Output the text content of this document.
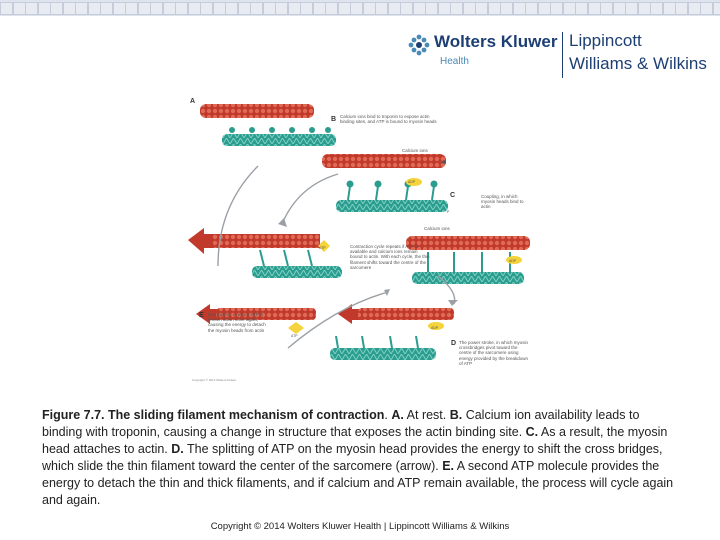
Wolters Kluwer
Health
Lippincott
Williams & Wilkins
A
B
C
D
E
Calcium ions bind to troponin to expose actin binding sites, and ATP is bound to myosin heads
Calcium ions
Coupling, in which myosin heads bind to actin
Calcium ions
Contraction cycle repeats if ATP is available and calcium ions remain bound to actin. With each cycle, the thin filament shifts toward the centre of the sarcomere
Uncoupling, in which ATP is broken down once again, causing the energy to detach the myosin heads from actin
The power stroke, in which myosin crossbridges pivot toward the centre of the sarcomere using energy provided by the breakdown of ATP
ATP
ATP
ADP
ADP
ADP
P
Copyright © 2014 Wolters Kluwer
Figure 7.7. The sliding filament mechanism of contraction. A. At rest. B. Calcium ion availability leads to binding with troponin, causing a change in structure that exposes the actin binding site. C. As a result, the myosin head attaches to actin. D. The splitting of ATP on the myosin head provides the energy to shift the cross bridges, which slide the thin filament toward the center of the sarcomere (arrow). E. A second ATP molecule provides the energy to detach the thin and thick filaments, and if calcium and ATP remain available, the process will cycle again and again.
Copyright © 2014 Wolters Kluwer Health | Lippincott Williams & Wilkins
